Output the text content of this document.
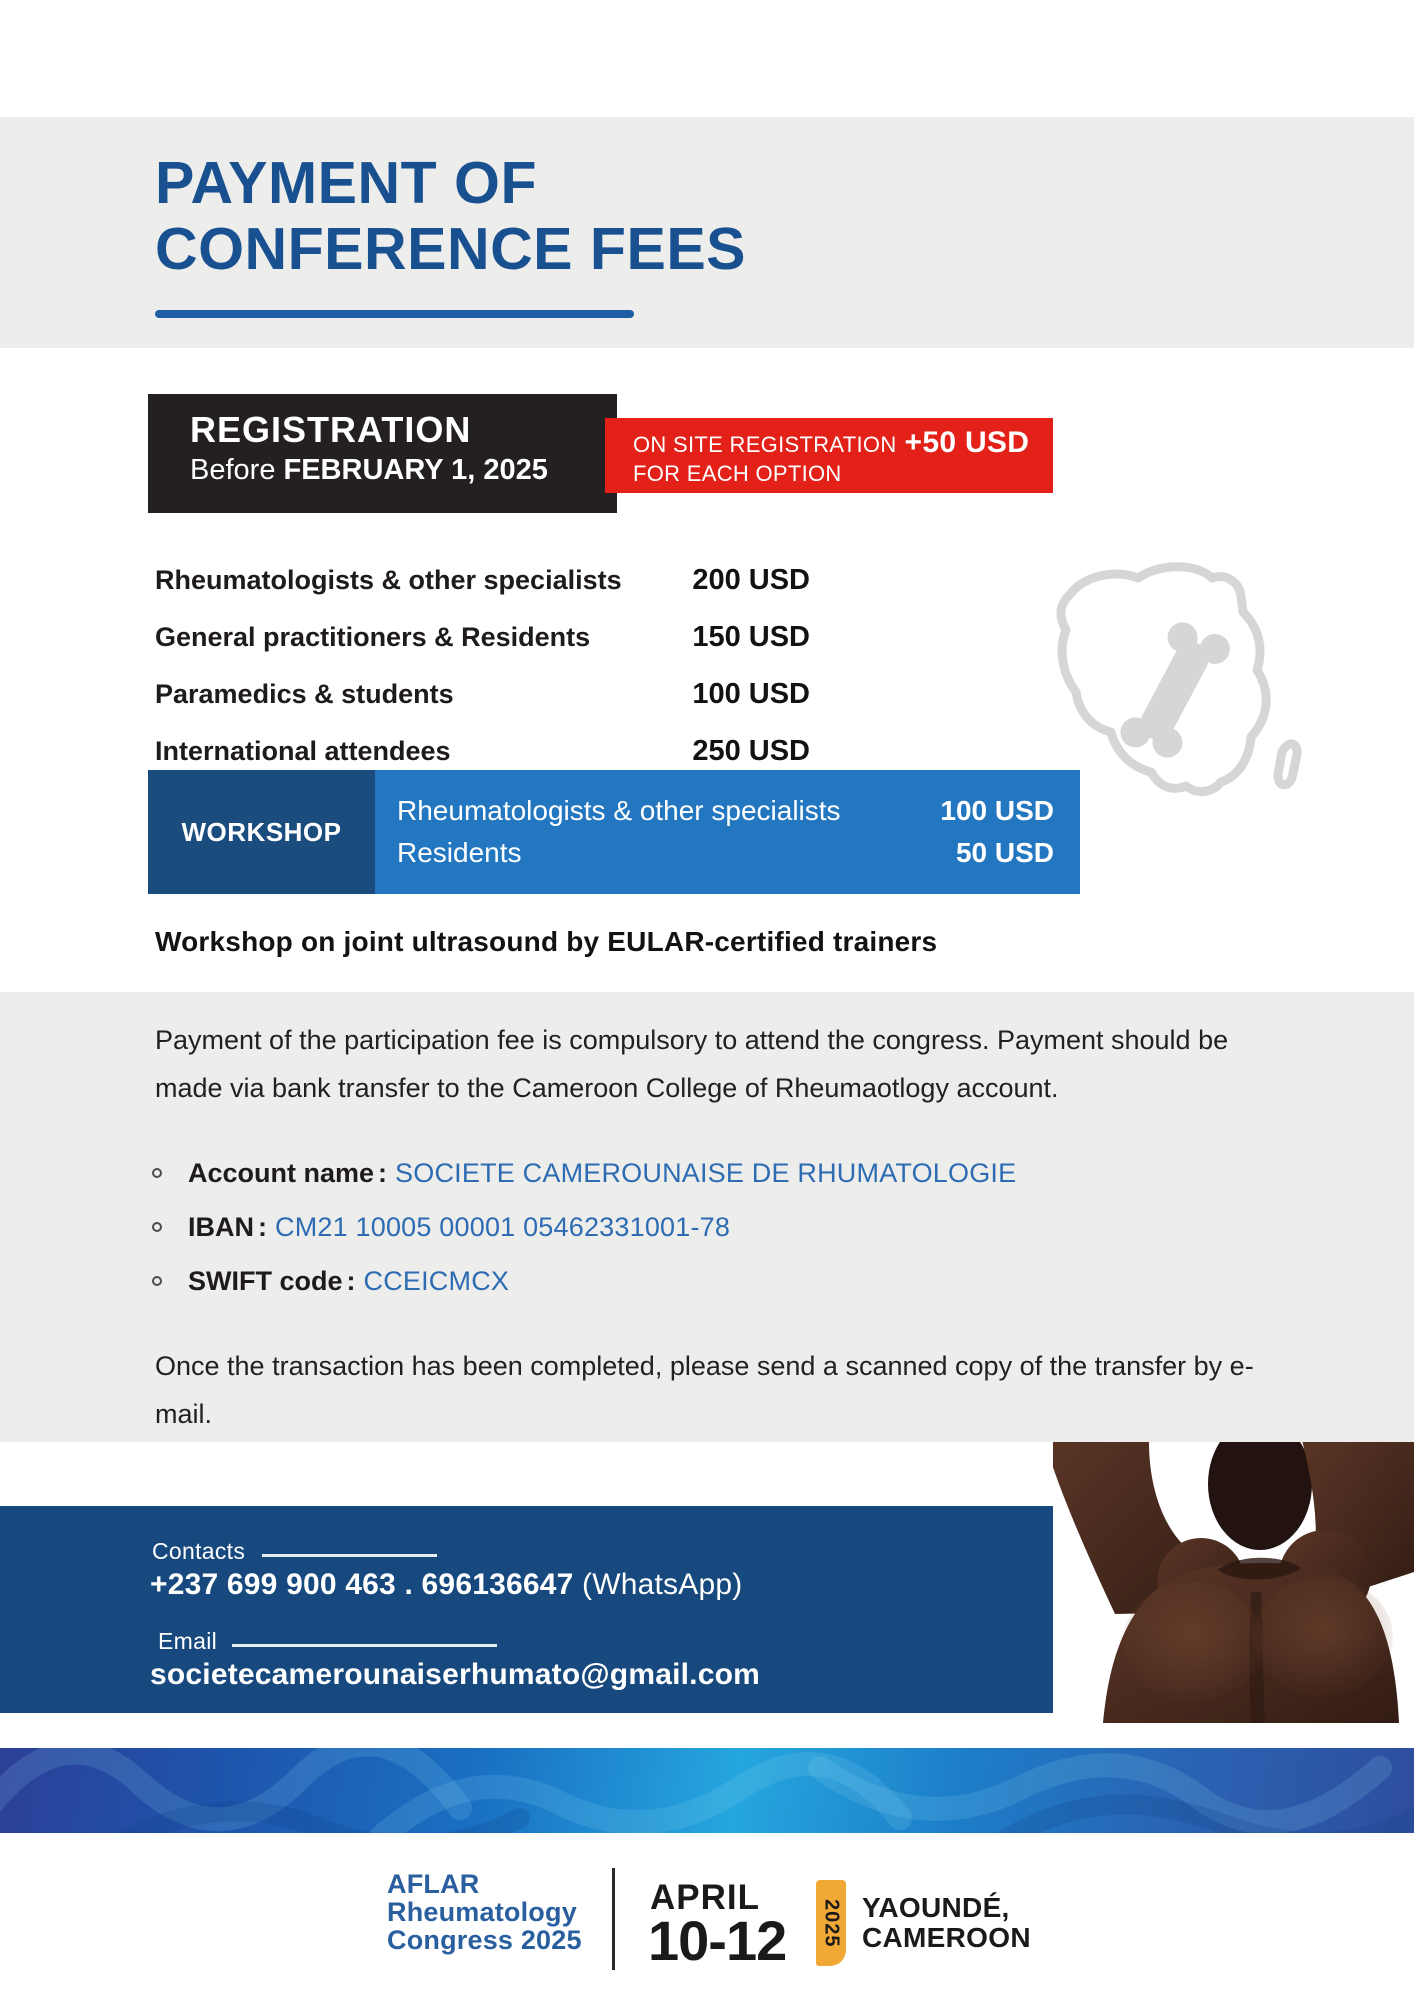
PAYMENT OF
CONFERENCE FEES
REGISTRATION
Before FEBRUARY 1, 2025
ON SITE REGISTRATION +50 USD
FOR EACH OPTION
Rheumatologists & other specialists	200 USD
General practitioners & Residents	150 USD
Paramedics & students	100 USD
International attendees	250 USD
WORKSHOP
Rheumatologists & other specialists	100 USD
Residents	50 USD
Workshop on joint ultrasound by EULAR-certified trainers
Payment of the participation fee is compulsory to attend the congress. Payment should be made via bank transfer to the Cameroon College of Rheumaotlogy account.
Account name : SOCIETE CAMEROUNAISE DE RHUMATOLOGIE
IBAN : CM21 10005 00001 05462331001-78
SWIFT code : CCEICMCX
Once the transaction has been completed, please send a scanned copy of the transfer by e-mail.
Contacts
+237 699 900 463 . 696136647 (WhatsApp)
Email
societecamerounaiserhumato@gmail.com
AFLAR
Rheumatology
Congress 2025
APRIL
10-12 2025 YAOUNDÉ,
CAMEROON
